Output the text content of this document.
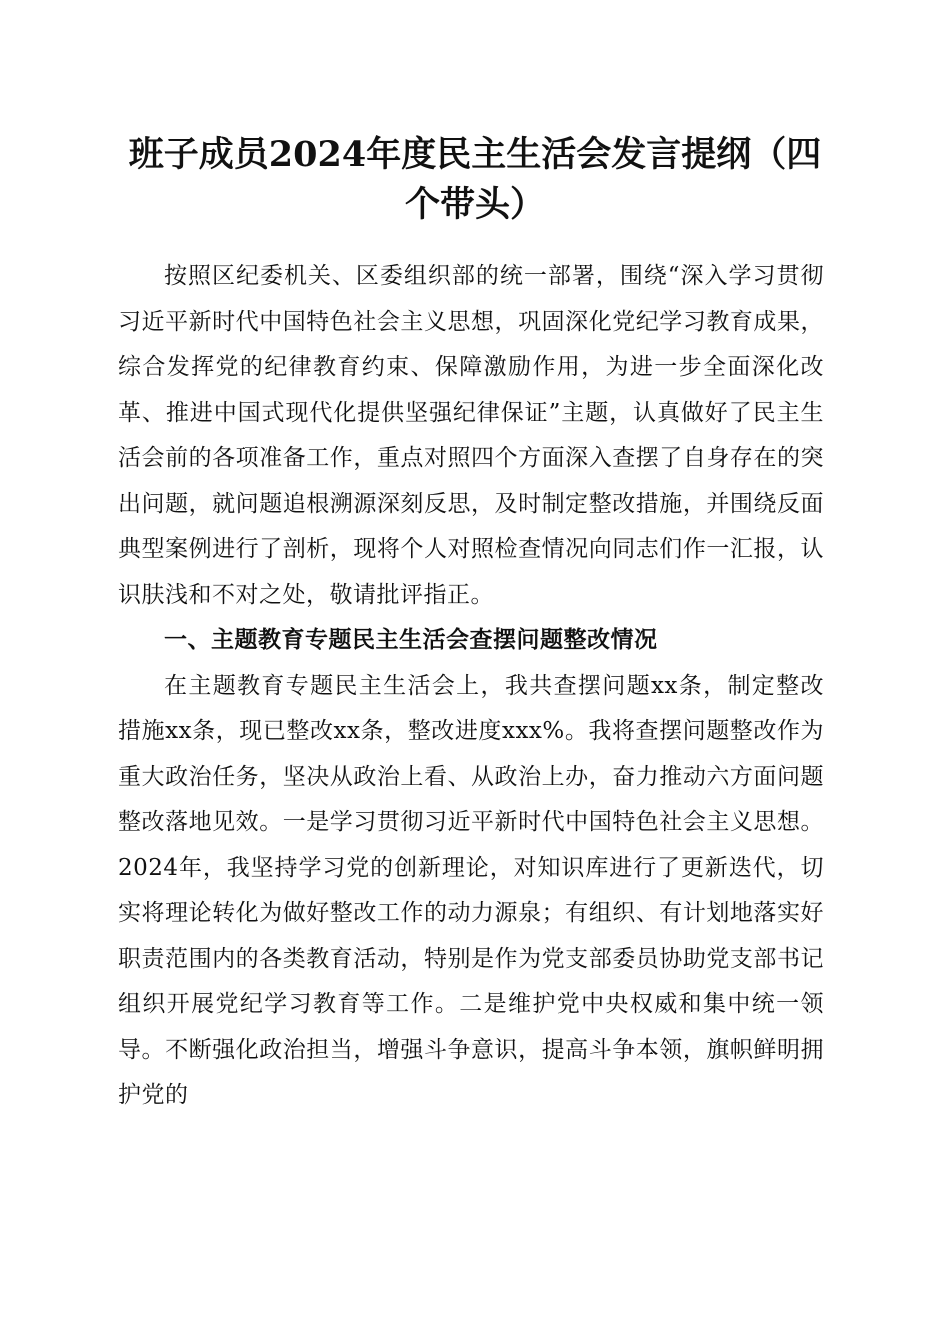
班子成员2024年度民主生活会发言提纲（四个带头）

按照区纪委机关、区委组织部的统一部署，围绕“深入学习贯彻习近平新时代中国特色社会主义思想，巩固深化党纪学习教育成果，综合发挥党的纪律教育约束、保障激励作用，为进一步全面深化改革、推进中国式现代化提供坚强纪律保证”主题，认真做好了民主生活会前的各项准备工作，重点对照四个方面深入查摆了自身存在的突出问题，就问题追根溯源深刻反思，及时制定整改措施，并围绕反面典型案例进行了剖析，现将个人对照检查情况向同志们作一汇报，认识肤浅和不对之处，敬请批评指正。

一、主题教育专题民主生活会查摆问题整改情况

在主题教育专题民主生活会上，我共查摆问题xx条，制定整改措施xx条，现已整改xx条，整改进度xxx%。我将查摆问题整改作为重大政治任务，坚决从政治上看、从政治上办，奋力推动六方面问题整改落地见效。一是学习贯彻习近平新时代中国特色社会主义思想。2024年，我坚持学习党的创新理论，对知识库进行了更新迭代，切实将理论转化为做好整改工作的动力源泉；有组织、有计划地落实好职责范围内的各类教育活动，特别是作为党支部委员协助党支部书记组织开展党纪学习教育等工作。二是维护党中央权威和集中统一领导。不断强化政治担当，增强斗争意识，提高斗争本领，旗帜鲜明拥护党的
